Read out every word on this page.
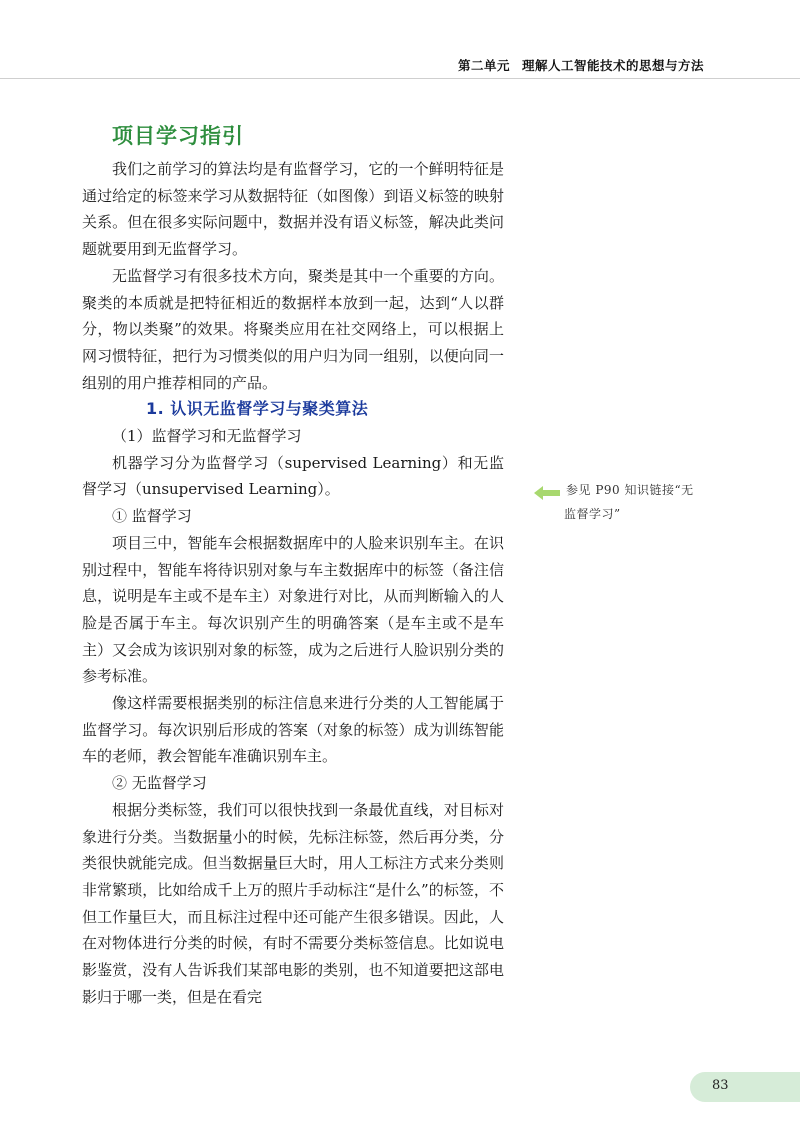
第二单元 理解人工智能技术的思想与方法
项目学习指引

我们之前学习的算法均是有监督学习，它的一个鲜明特征是通过给定的标签来学习从数据特征（如图像）到语义标签的映射关系。但在很多实际问题中，数据并没有语义标签，解决此类问题就要用到无监督学习。

无监督学习有很多技术方向，聚类是其中一个重要的方向。聚类的本质就是把特征相近的数据样本放到一起，达到“人以群分，物以类聚”的效果。将聚类应用在社交网络上，可以根据上网习惯特征，把行为习惯类似的用户归为同一组别，以便向同一组别的用户推荐相同的产品。

1. 认识无监督学习与聚类算法

（1）监督学习和无监督学习

机器学习分为监督学习（supervised Learning）和无监督学习（unsupervised Learning）。

① 监督学习

项目三中，智能车会根据数据库中的人脸来识别车主。在识别过程中，智能车将待识别对象与车主数据库中的标签（备注信息，说明是车主或不是车主）对象进行对比，从而判断输入的人脸是否属于车主。每次识别产生的明确答案（是车主或不是车主）又会成为该识别对象的标签，成为之后进行人脸识别分类的参考标准。

像这样需要根据类别的标注信息来进行分类的人工智能属于监督学习。每次识别后形成的答案（对象的标签）成为训练智能车的老师，教会智能车准确识别车主。

② 无监督学习

根据分类标签，我们可以很快找到一条最优直线，对目标对象进行分类。当数据量小的时候，先标注标签，然后再分类，分类很快就能完成。但当数据量巨大时，用人工标注方式来分类则非常繁琐，比如给成千上万的照片手动标注“是什么”的标签，不但工作量巨大，而且标注过程中还可能产生很多错误。因此，人在对物体进行分类的时候，有时不需要分类标签信息。比如说电影鉴赏，没有人告诉我们某部电影的类别，也不知道要把这部电影归于哪一类，但是在看完

参见 P90 知识链接“无
监督学习”
83
